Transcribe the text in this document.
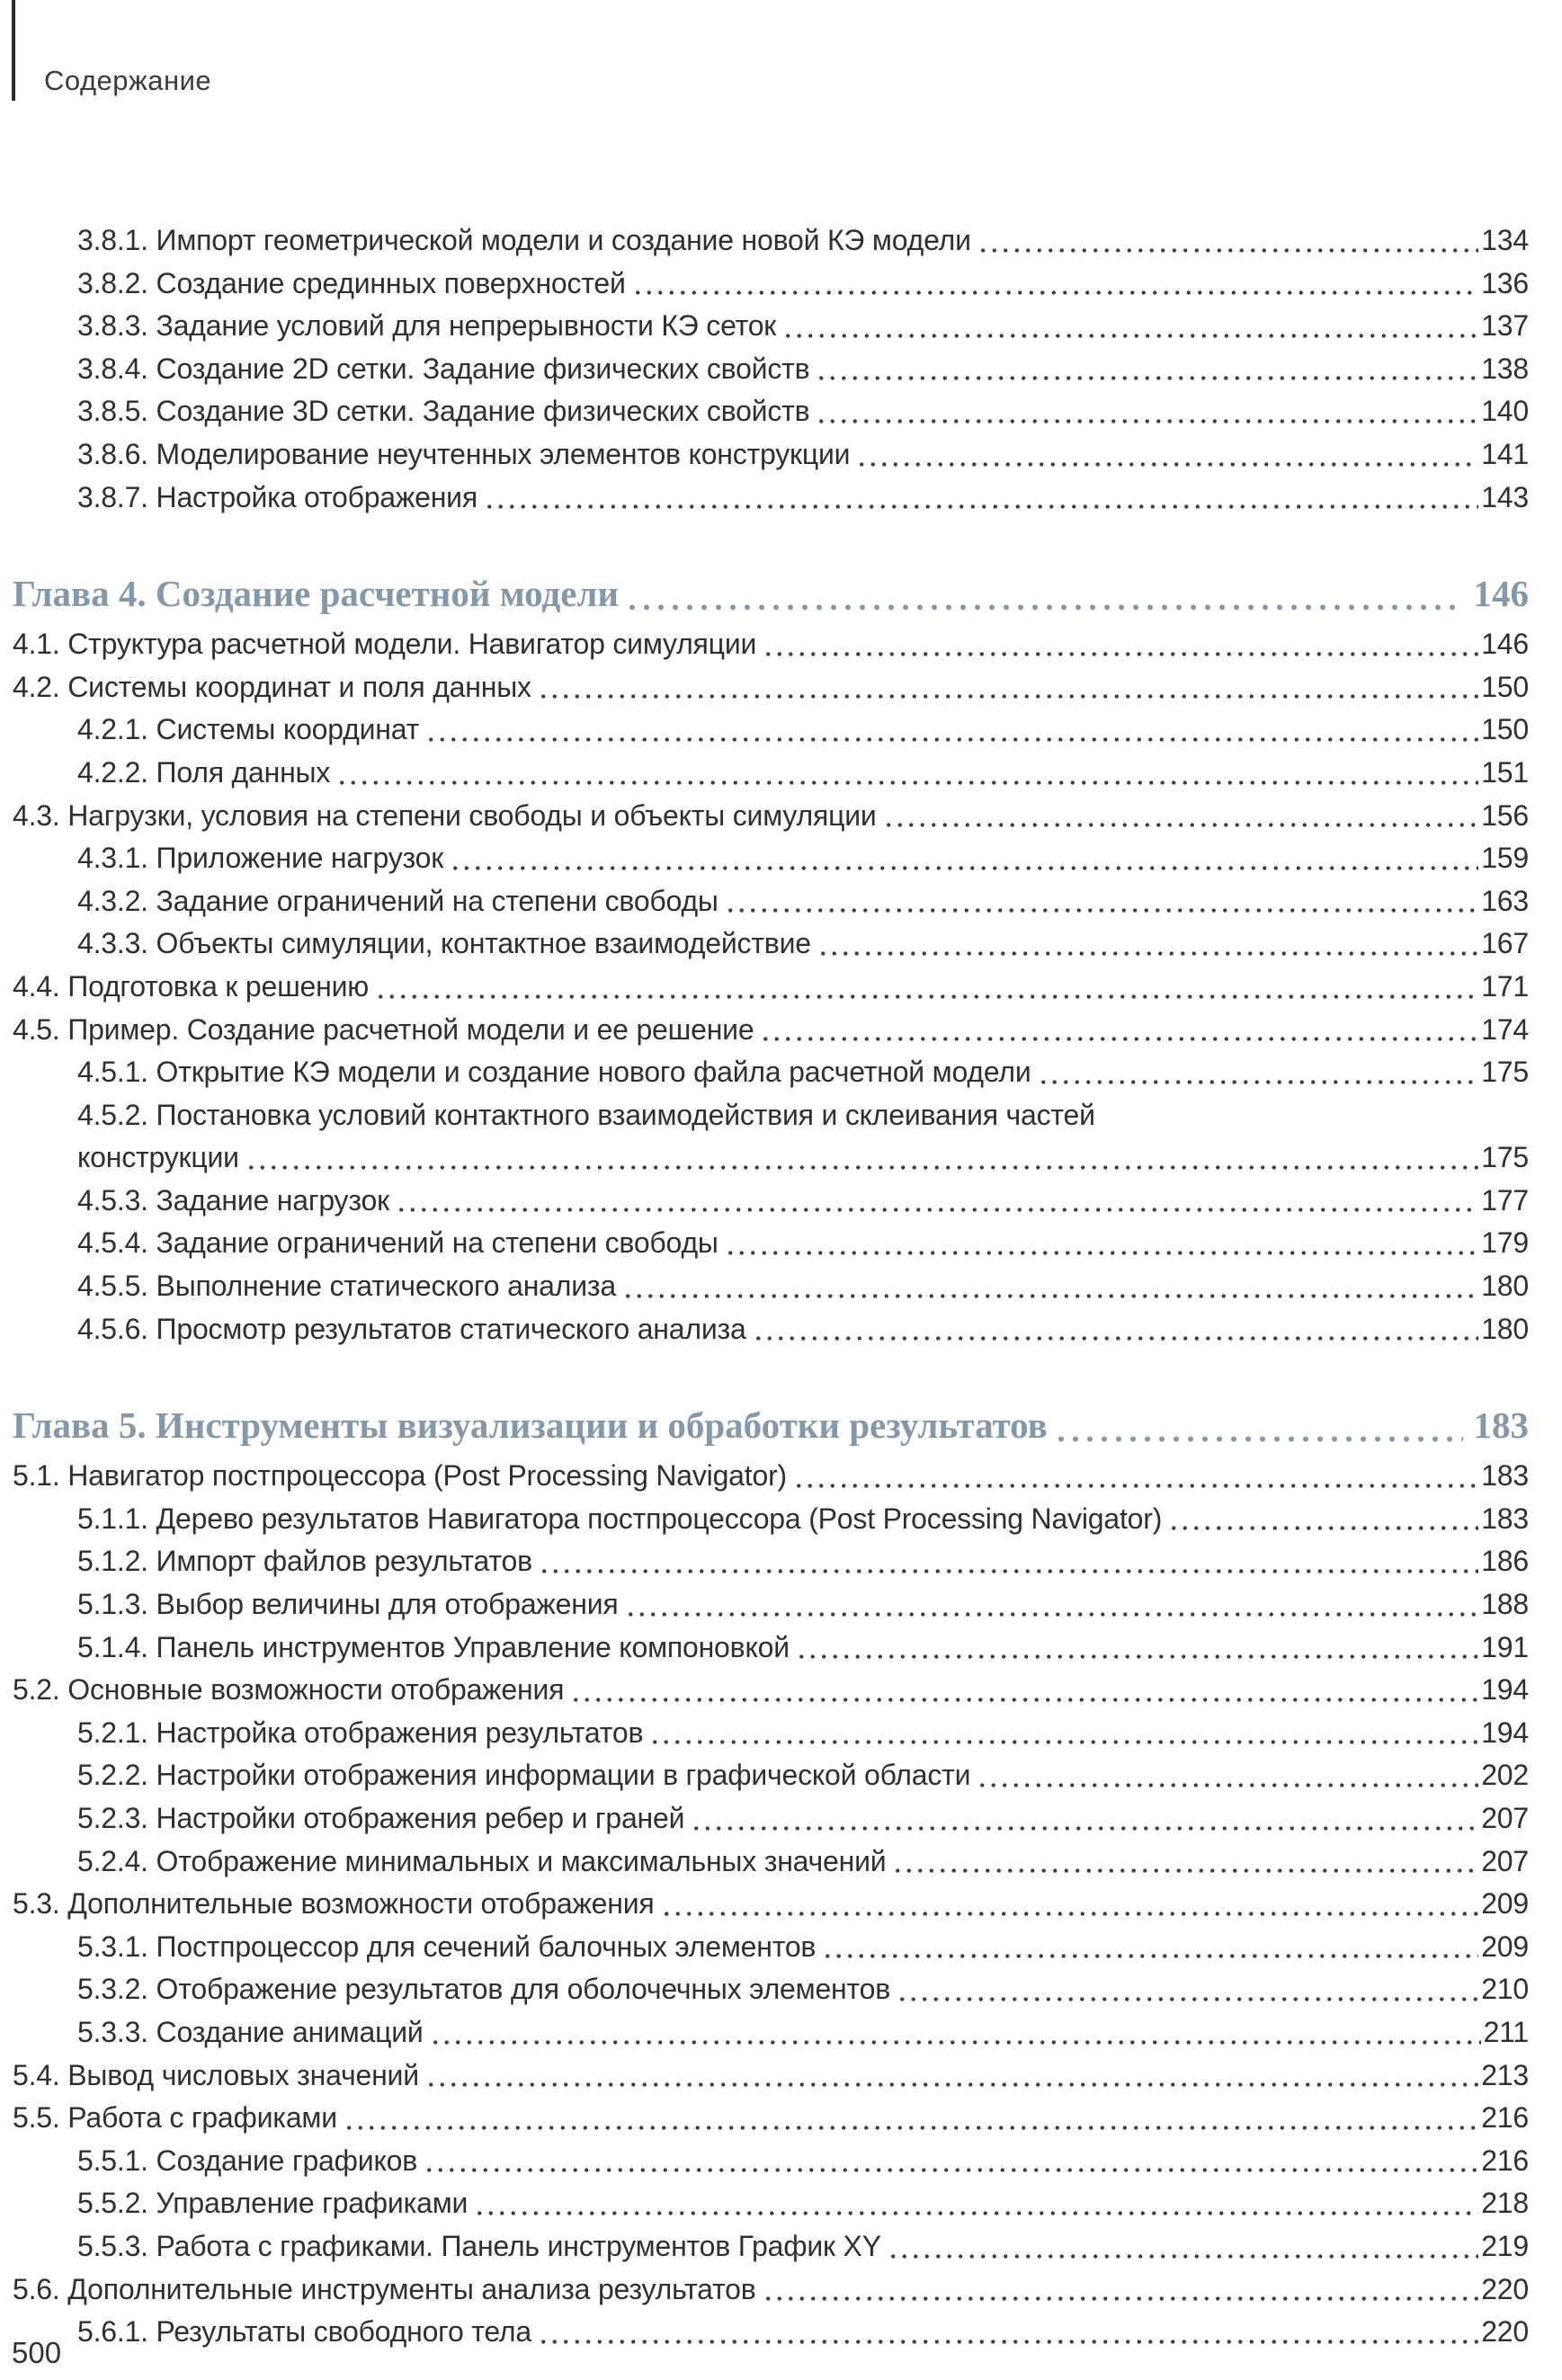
Содержание
3.8.1. Импорт геометрической модели и создание новой КЭ модели	134
3.8.2. Создание срединных поверхностей	136
3.8.3. Задание условий для непрерывности КЭ сеток	137
3.8.4. Создание 2D сетки. Задание физических свойств	138
3.8.5. Создание 3D сетки. Задание физических свойств	140
3.8.6. Моделирование неучтенных элементов конструкции	141
3.8.7. Настройка отображения	143
Глава 4. Создание расчетной модели	146
4.1. Структура расчетной модели. Навигатор симуляции	146
4.2. Системы координат и поля данных	150
4.2.1. Системы координат	150
4.2.2. Поля данных	151
4.3. Нагрузки, условия на степени свободы и объекты симуляции	156
4.3.1. Приложение нагрузок	159
4.3.2. Задание ограничений на степени свободы	163
4.3.3. Объекты симуляции, контактное взаимодействие	167
4.4. Подготовка к решению	171
4.5. Пример. Создание расчетной модели и ее решение	174
4.5.1. Открытие КЭ модели и создание нового файла расчетной модели	175
4.5.2. Постановка условий контактного взаимодействия и склеивания частей
конструкции	175
4.5.3. Задание нагрузок	177
4.5.4. Задание ограничений на степени свободы	179
4.5.5. Выполнение статического анализа	180
4.5.6. Просмотр результатов статического анализа	180
Глава 5. Инструменты визуализации и обработки результатов	183
5.1. Навигатор постпроцессора (Post Processing Navigator)	183
5.1.1. Дерево результатов Навигатора постпроцессора (Post Processing Navigator)	183
5.1.2. Импорт файлов результатов	186
5.1.3. Выбор величины для отображения	188
5.1.4. Панель инструментов Управление компоновкой	191
5.2. Основные возможности отображения	194
5.2.1. Настройка отображения результатов	194
5.2.2. Настройки отображения информации в графической области	202
5.2.3. Настройки отображения ребер и граней	207
5.2.4. Отображение минимальных и максимальных значений	207
5.3. Дополнительные возможности отображения	209
5.3.1. Постпроцессор для сечений балочных элементов	209
5.3.2. Отображение результатов для оболочечных элементов	210
5.3.3. Создание анимаций	211
5.4. Вывод числовых значений	213
5.5. Работа с графиками	216
5.5.1. Создание графиков	216
5.5.2. Управление графиками	218
5.5.3. Работа с графиками. Панель инструментов График XY	219
5.6. Дополнительные инструменты анализа результатов	220
5.6.1. Результаты свободного тела	220
500
